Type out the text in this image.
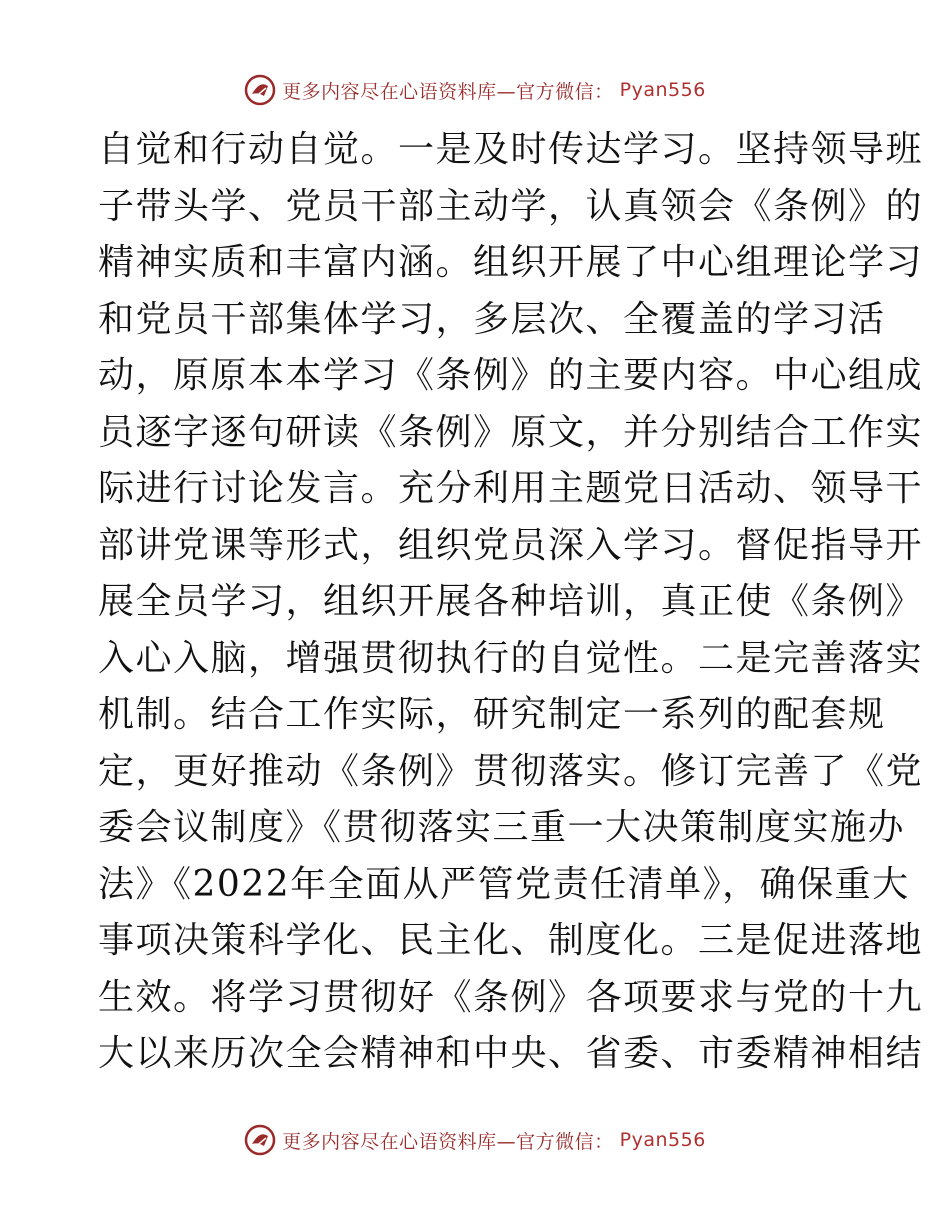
更多内容尽在心语资料库—官方微信： Pyan556
自觉和行动自觉。一是及时传达学习。坚持领导班
子带头学、党员干部主动学，认真领会《条例》的
精神实质和丰富内涵。组织开展了中心组理论学习
和党员干部集体学习，多层次、全覆盖的学习活
动，原原本本学习《条例》的主要内容。中心组成
员逐字逐句研读《条例》原文，并分别结合工作实
际进行讨论发言。充分利用主题党日活动、领导干
部讲党课等形式，组织党员深入学习。督促指导开
展全员学习，组织开展各种培训，真正使《条例》
入心入脑，增强贯彻执行的自觉性。二是完善落实
机制。结合工作实际，研究制定一系列的配套规
定，更好推动《条例》贯彻落实。修订完善了《党
委会议制度》《贯彻落实三重一大决策制度实施办
法》《2022年全面从严管党责任清单》，确保重大
事项决策科学化、民主化、制度化。三是促进落地
生效。将学习贯彻好《条例》各项要求与党的十九
大以来历次全会精神和中央、省委、市委精神相结
更多内容尽在心语资料库—官方微信： Pyan556
